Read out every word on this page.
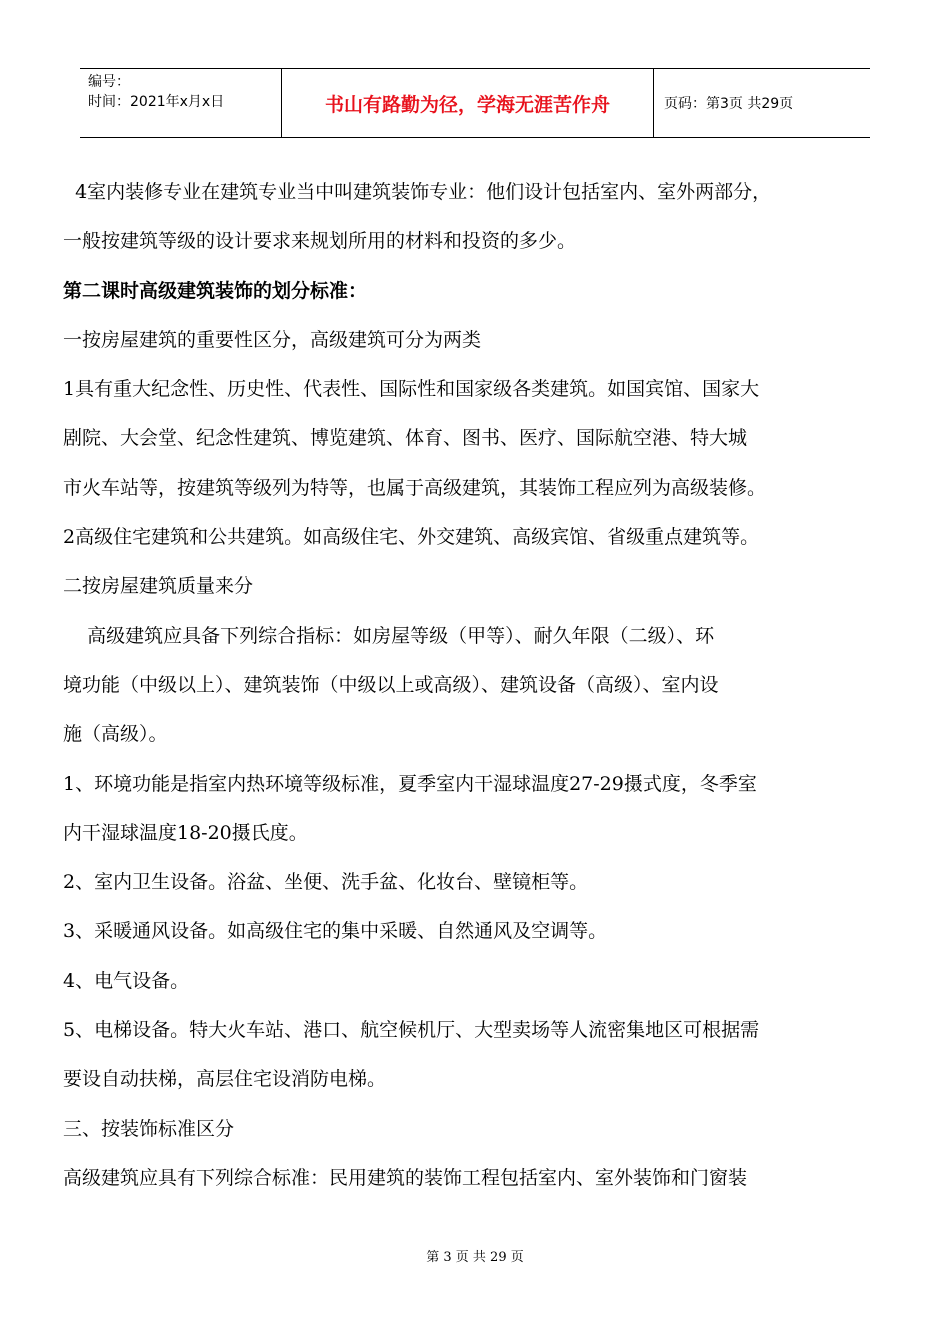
编号：
时间：2021年x月x日	书山有路勤为径，学海无涯苦作舟	页码：第3页 共29页

4室内装修专业在建筑专业当中叫建筑装饰专业：他们设计包括室内、室外两部分，

一般按建筑等级的设计要求来规划所用的材料和投资的多少。

第二课时高级建筑装饰的划分标准：

一按房屋建筑的重要性区分，高级建筑可分为两类

1具有重大纪念性、历史性、代表性、国际性和国家级各类建筑。如国宾馆、国家大

剧院、大会堂、纪念性建筑、博览建筑、体育、图书、医疗、国际航空港、特大城

市火车站等，按建筑等级列为特等，也属于高级建筑，其装饰工程应列为高级装修。

2高级住宅建筑和公共建筑。如高级住宅、外交建筑、高级宾馆、省级重点建筑等。

二按房屋建筑质量来分

高级建筑应具备下列综合指标：如房屋等级（甲等）、耐久年限（二级）、环

境功能（中级以上）、建筑装饰（中级以上或高级）、建筑设备（高级）、室内设

施（高级）。

1、环境功能是指室内热环境等级标准，夏季室内干湿球温度27-29摄式度，冬季室

内干湿球温度18-20摄氏度。

2、室内卫生设备。浴盆、坐便、洗手盆、化妆台、壁镜柜等。

3、采暖通风设备。如高级住宅的集中采暖、自然通风及空调等。

4、电气设备。

5、电梯设备。特大火车站、港口、航空候机厅、大型卖场等人流密集地区可根据需

要设自动扶梯，高层住宅设消防电梯。

三、按装饰标准区分

高级建筑应具有下列综合标准：民用建筑的装饰工程包括室内、室外装饰和门窗装

第 3 页 共 29 页
